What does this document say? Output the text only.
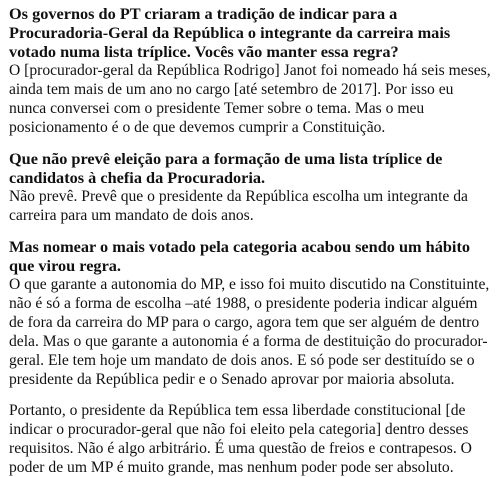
Os governos do PT criaram a tradição de indicar para a Procuradoria-Geral da República o integrante da carreira mais votado numa lista tríplice. Vocês vão manter essa regra?

O [procurador-geral da República Rodrigo] Janot foi nomeado há seis meses, ainda tem mais de um ano no cargo [até setembro de 2017]. Por isso eu nunca conversei com o presidente Temer sobre o tema. Mas o meu posicionamento é o de que devemos cumprir a Constituição.

Que não prevê eleição para a formação de uma lista tríplice de candidatos à chefia da Procuradoria.

Não prevê. Prevê que o presidente da República escolha um integrante da carreira para um mandato de dois anos.

Mas nomear o mais votado pela categoria acabou sendo um hábito que virou regra.

O que garante a autonomia do MP, e isso foi muito discutido na Constituinte, não é só a forma de escolha –até 1988, o presidente poderia indicar alguém de fora da carreira do MP para o cargo, agora tem que ser alguém de dentro dela. Mas o que garante a autonomia é a forma de destituição do procurador-geral. Ele tem hoje um mandato de dois anos. E só pode ser destituído se o presidente da República pedir e o Senado aprovar por maioria absoluta.

Portanto, o presidente da República tem essa liberdade constitucional [de indicar o procurador-geral que não foi eleito pela categoria] dentro desses requisitos. Não é algo arbitrário. É uma questão de freios e contrapesos. O poder de um MP é muito grande, mas nenhum poder pode ser absoluto.
